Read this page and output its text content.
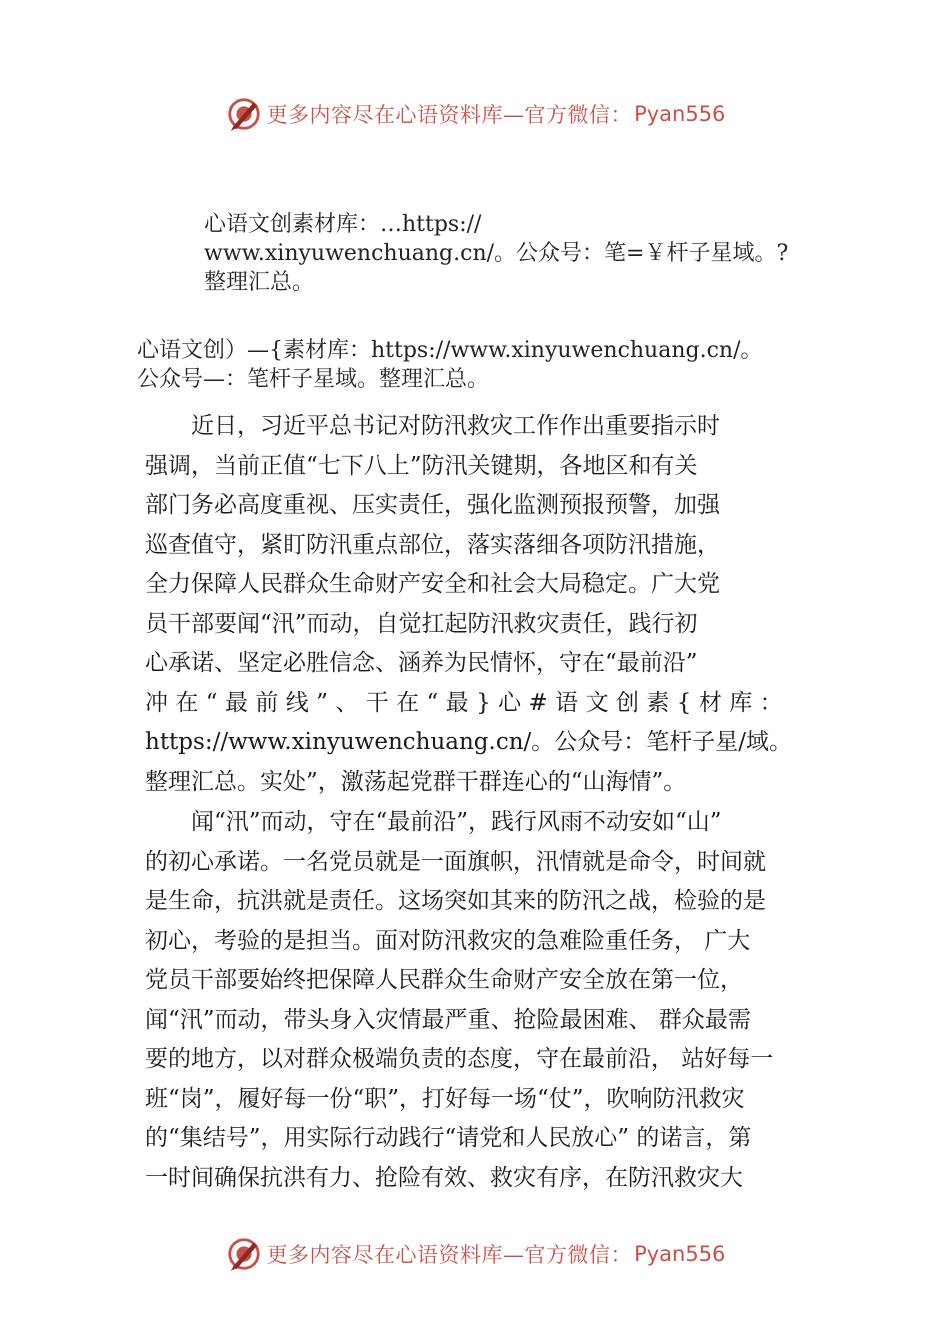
更多内容尽在心语资料库—官方微信： Pyan556
心语文创素材库：…https://
www.xinyuwenchuang.cn/。公众号：笔=￥杆子星域。?
整理汇总。
心语文创）—{素材库：https://www.xinyuwenchuang.cn/。
公众号—：笔杆子星域。整理汇总。
　　近日，习近平总书记对防汛救灾工作作出重要指示时
强调，当前正值“七下八上”防汛关键期，各地区和有关
部门务必高度重视、压实责任，强化监测预报预警，加强
巡查值守，紧盯防汛重点部位，落实落细各项防汛措施，
全力保障人民群众生命财产安全和社会大局稳定。广大党
员干部要闻“汛”而动，自觉扛起防汛救灾责任，践行初
心承诺、坚定必胜信念、涵养为民情怀，守在“最前沿”
冲在“最前线”、干在“最}心#语文创素{材库：
https://www.xinyuwenchuang.cn/。公众号：笔杆子星/域。
整理汇总。实处”，激荡起党群干群连心的“山海情”。
　　闻“汛”而动，守在“最前沿”，践行风雨不动安如“山”
的初心承诺。一名党员就是一面旗帜，汛情就是命令，时间就
是生命，抗洪就是责任。这场突如其来的防汛之战，检验的是
初心，考验的是担当。面对防汛救灾的急难险重任务， 广大
党员干部要始终把保障人民群众生命财产安全放在第一位，
闻“汛”而动，带头身入灾情最严重、抢险最困难、 群众最需
要的地方，以对群众极端负责的态度，守在最前沿， 站好每一
班“岗”，履好每一份“职”，打好每一场“仗”，吹响防汛救灾
的“集结号”，用实际行动践行“请党和人民放心” 的诺言，第
一时间确保抗洪有力、抢险有效、救灾有序，在防汛救灾大
更多内容尽在心语资料库—官方微信： Pyan556
